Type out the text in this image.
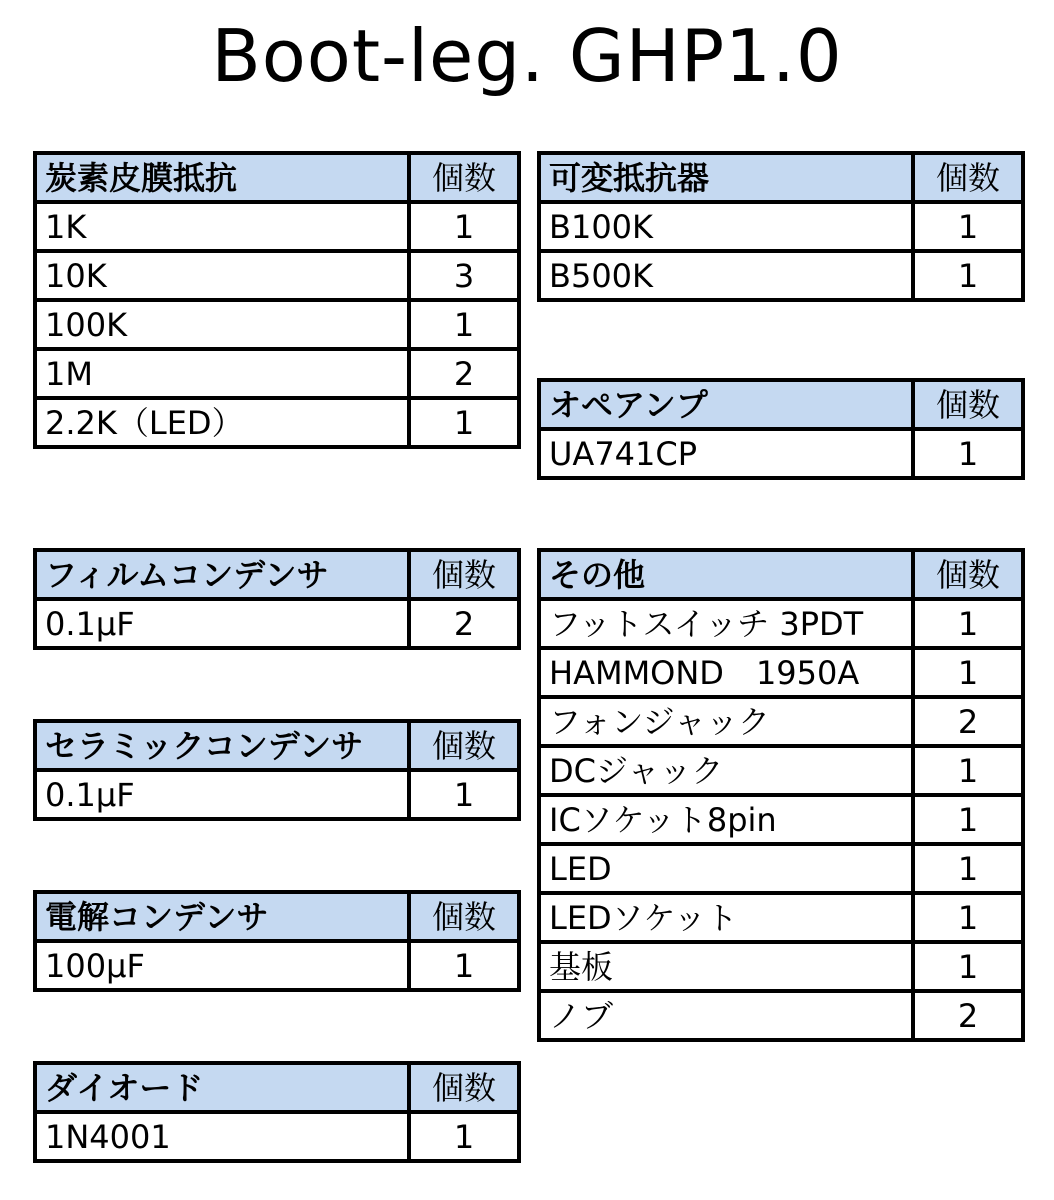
Boot-leg. GHP1.0
炭素皮膜抵抗	個数
1K	1
10K	3
100K	1
1M	2
2.2K（LED）	1
フィルムコンデンサ	個数
0.1µF	2
セラミックコンデンサ	個数
0.1µF	1
電解コンデンサ	個数
100µF	1
ダイオード	個数
1N4001	1
可変抵抗器	個数
B100K	1
B500K	1
オペアンプ	個数
UA741CP	1
その他	個数
フットスイッチ 3PDT	1
HAMMOND　1950A	1
フォンジャック	2
DCジャック	1
ICソケット8pin	1
LED	1
LEDソケット	1
基板	1
ノブ	2
